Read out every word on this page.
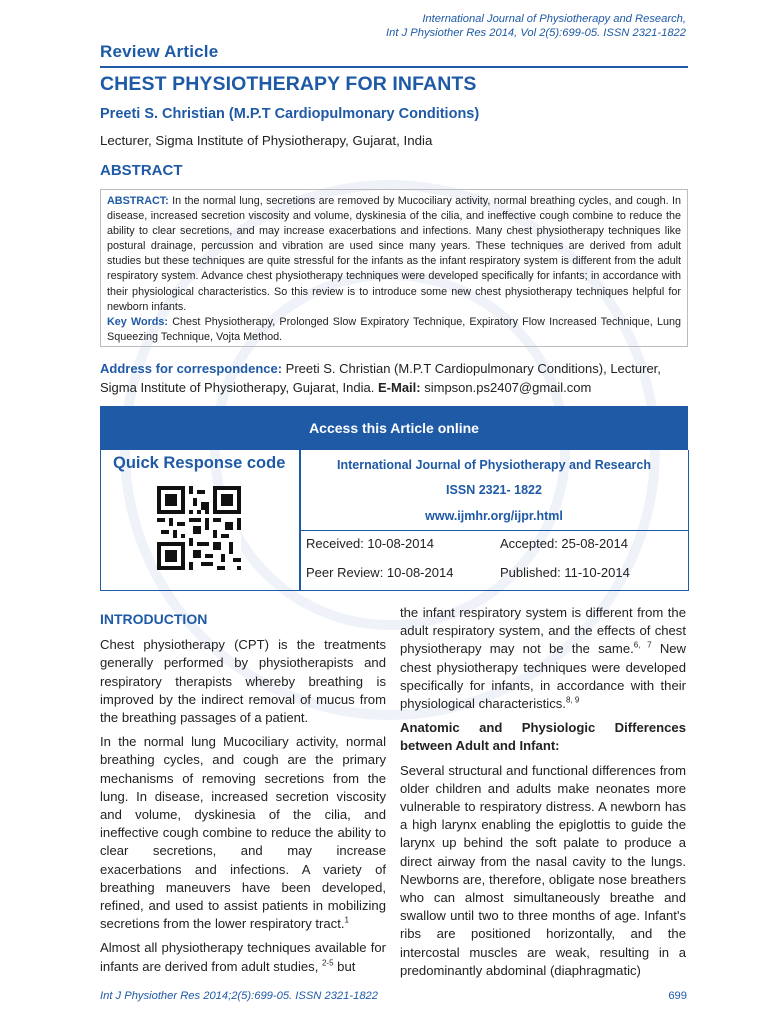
International Journal of Physiotherapy and Research,
Int J Physiother Res 2014, Vol 2(5):699-05. ISSN 2321-1822
Review Article
CHEST PHYSIOTHERAPY FOR INFANTS
Preeti S. Christian (M.P.T Cardiopulmonary Conditions)
Lecturer, Sigma Institute of Physiotherapy, Gujarat, India
ABSTRACT
ABSTRACT: In the normal lung, secretions are removed by Mucociliary activity, normal breathing cycles, and cough. In disease, increased secretion viscosity and volume, dyskinesia of the cilia, and ineffective cough combine to reduce the ability to clear secretions, and may increase exacerbations and infections. Many chest physiotherapy techniques like postural drainage, percussion and vibration are used since many years. These techniques are derived from adult studies but these techniques are quite stressful for the infants as the infant respiratory system is different from the adult respiratory system. Advance chest physiotherapy techniques were developed specifically for infants; in accordance with their physiological characteristics. So this review is to introduce some new chest physiotherapy techniques helpful for newborn infants.
Key Words: Chest Physiotherapy, Prolonged Slow Expiratory Technique, Expiratory Flow Increased Technique, Lung Squeezing Technique, Vojta Method.
Address for correspondence: Preeti S. Christian (M.P.T Cardiopulmonary Conditions), Lecturer, Sigma Institute of Physiotherapy, Gujarat, India. E-Mail: simpson.ps2407@gmail.com
Access this Article online
Quick Response code	International Journal of Physiotherapy and Research
ISSN 2321- 1822
www.ijmhr.org/ijpr.html
Received: 10-08-2014	Accepted: 25-08-2014
Peer Review: 10-08-2014	Published: 11-10-2014
INTRODUCTION

Chest physiotherapy (CPT) is the treatments generally performed by physiotherapists and respiratory therapists whereby breathing is improved by the indirect removal of mucus from the breathing passages of a patient.

In the normal lung Mucociliary activity, normal breathing cycles, and cough are the primary mechanisms of removing secretions from the lung. In disease, increased secretion viscosity and volume, dyskinesia of the cilia, and ineffective cough combine to reduce the ability to clear secretions, and may increase exacerbations and infections. A variety of breathing maneuvers have been developed, refined, and used to assist patients in mobilizing secretions from the lower respiratory tract.$^1$

Almost all physiotherapy techniques available for infants are derived from adult studies, $^{2-5}$ but

the infant respiratory system is different from the adult respiratory system, and the effects of chest physiotherapy may not be the same.$^{6, 7}$ New chest physiotherapy techniques were developed specifically for infants, in accordance with their physiological characteristics.$^{8, 9}$

Anatomic and Physiologic Differences between Adult and Infant:

Several structural and functional differences from older children and adults make neonates more vulnerable to respiratory distress. A newborn has a high larynx enabling the epiglottis to guide the larynx up behind the soft palate to produce a direct airway from the nasal cavity to the lungs. Newborns are, therefore, obligate nose breathers who can almost simultaneously breathe and swallow until two to three months of age. Infant's ribs are positioned horizontally, and the intercostal muscles are weak, resulting in a predominantly abdominal (diaphragmatic)

Int J Physiother Res 2014;2(5):699-05. ISSN 2321-1822	699
